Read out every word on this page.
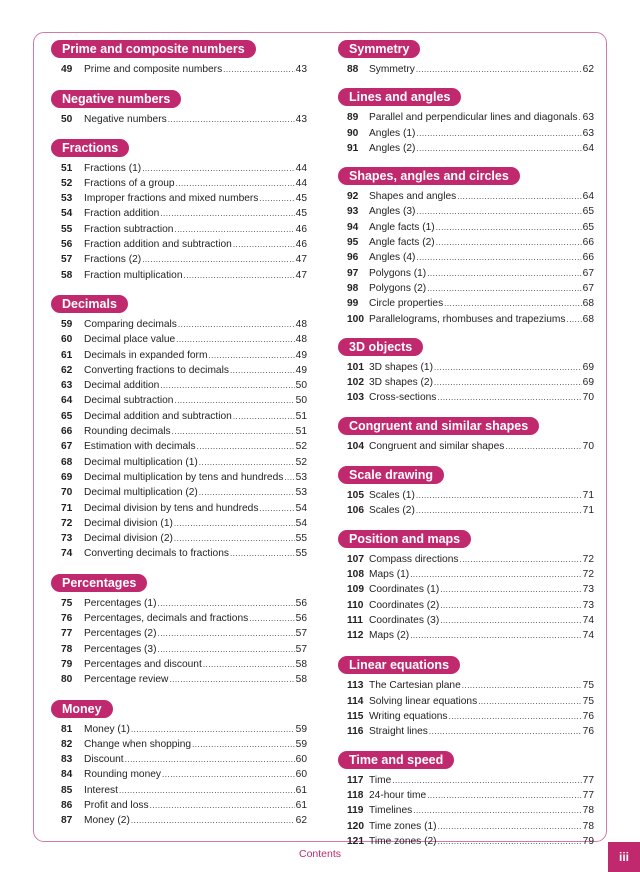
Prime and composite numbers
49	Prime and composite numbers .....	43
Negative numbers
50	Negative numbers .....	43
Fractions
51	Fractions (1) .....	44
52	Fractions of a group .....	44
53	Improper fractions and mixed numbers .....	45
54	Fraction addition .....	45
55	Fraction subtraction .....	46
56	Fraction addition and subtraction .....	46
57	Fractions (2) .....	47
58	Fraction multiplication .....	47
Decimals
59	Comparing decimals .....	48
60	Decimal place value .....	48
61	Decimals in expanded form .....	49
62	Converting fractions to decimals .....	49
63	Decimal addition .....	50
64	Decimal subtraction .....	50
65	Decimal addition and subtraction .....	51
66	Rounding decimals .....	51
67	Estimation with decimals .....	52
68	Decimal multiplication (1) .....	52
69	Decimal multiplication by tens and hundreds ..... 53
70	Decimal multiplication (2) .....	53
71	Decimal division by tens and hundreds .....	54
72	Decimal division (1) .....	54
73	Decimal division (2) .....	55
74	Converting decimals to fractions .....	55
Percentages
75	Percentages (1) .....	56
76	Percentages, decimals and fractions .....	56
77	Percentages (2) .....	57
78	Percentages (3) .....	57
79	Percentages and discount .....	58
80	Percentage review .....	58
Money
81	Money (1) .....	59
82	Change when shopping .....	59
83	Discount .....	60
84	Rounding money .....	60
85	Interest .....	61
86	Profit and loss .....	61
87	Money (2) .....	62
Symmetry
88	Symmetry .....	62
Lines and angles
89	Parallel and perpendicular lines and diagonals ..... 63
90	Angles (1) .....	63
91	Angles (2) .....	64
Shapes, angles and circles
92	Shapes and angles .....	64
93	Angles (3) .....	65
94	Angle facts (1) .....	65
95	Angle facts (2) .....	66
96	Angles (4) .....	66
97	Polygons (1) .....	67
98	Polygons (2) .....	67
99	Circle properties .....	68
100 Parallelograms, rhombuses and trapeziums ..... 68
3D objects
101 3D shapes (1) .....	69
102 3D shapes (2) .....	69
103 Cross-sections .....	70
Congruent and similar shapes
104 Congruent and similar shapes .....	70
Scale drawing
105 Scales (1) .....	71
106 Scales (2) .....	71
Position and maps
107 Compass directions .....	72
108 Maps (1) .....	72
109 Coordinates (1) .....	73
110 Coordinates (2) .....	73
111 Coordinates (3) .....	74
112 Maps (2) .....	74
Linear equations
113 The Cartesian plane .....	75
114 Solving linear equations .....	75
115 Writing equations .....	76
116 Straight lines .....	76
Time and speed
117 Time .....	77
118 24-hour time .....	77
119 Timelines .....	78
120 Time zones (1) .....	78
121 Time zones (2) .....	79
Contents	iii
